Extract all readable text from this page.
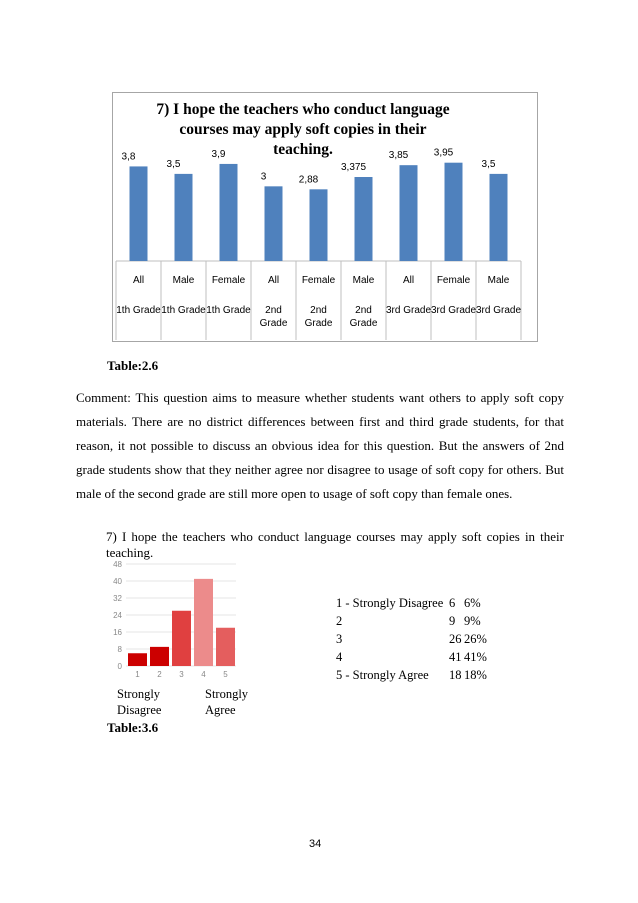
7) I hope the teachers who conduct language
courses may apply soft copies in their
teaching.
3,8
All
1th Grade
3,5
Male
1th Grade
3,9
Female
1th Grade
3
All
2nd
Grade
2,88
Female
2nd
Grade
3,375
Male
2nd
Grade
3,85
All
3rd Grade
3,95
Female
3rd Grade
3,5
Male
3rd Grade
Table:2.6
Comment: This question aims to measure whether students want others to apply soft copy
materials. There are no district differences between first and third grade students, for that
reason, it not possible to discuss an obvious idea for this question. But the answers of 2nd
grade students show that they neither agree nor disagree to usage of soft copy for others. But
male of the second grade are still more open to usage of soft copy than female ones.
7) I hope the teachers who conduct language courses may apply soft copies in their
teaching.
0
8
16
24
32
40
48
1 2 3 4 5
1 - Strongly Disagree 6 6%
2	9 9%
3	26 26%
4	41 41%
5 - Strongly Agree 18 18%
Strongly
Disagree
Strongly
Agree
Table:3.6
34
